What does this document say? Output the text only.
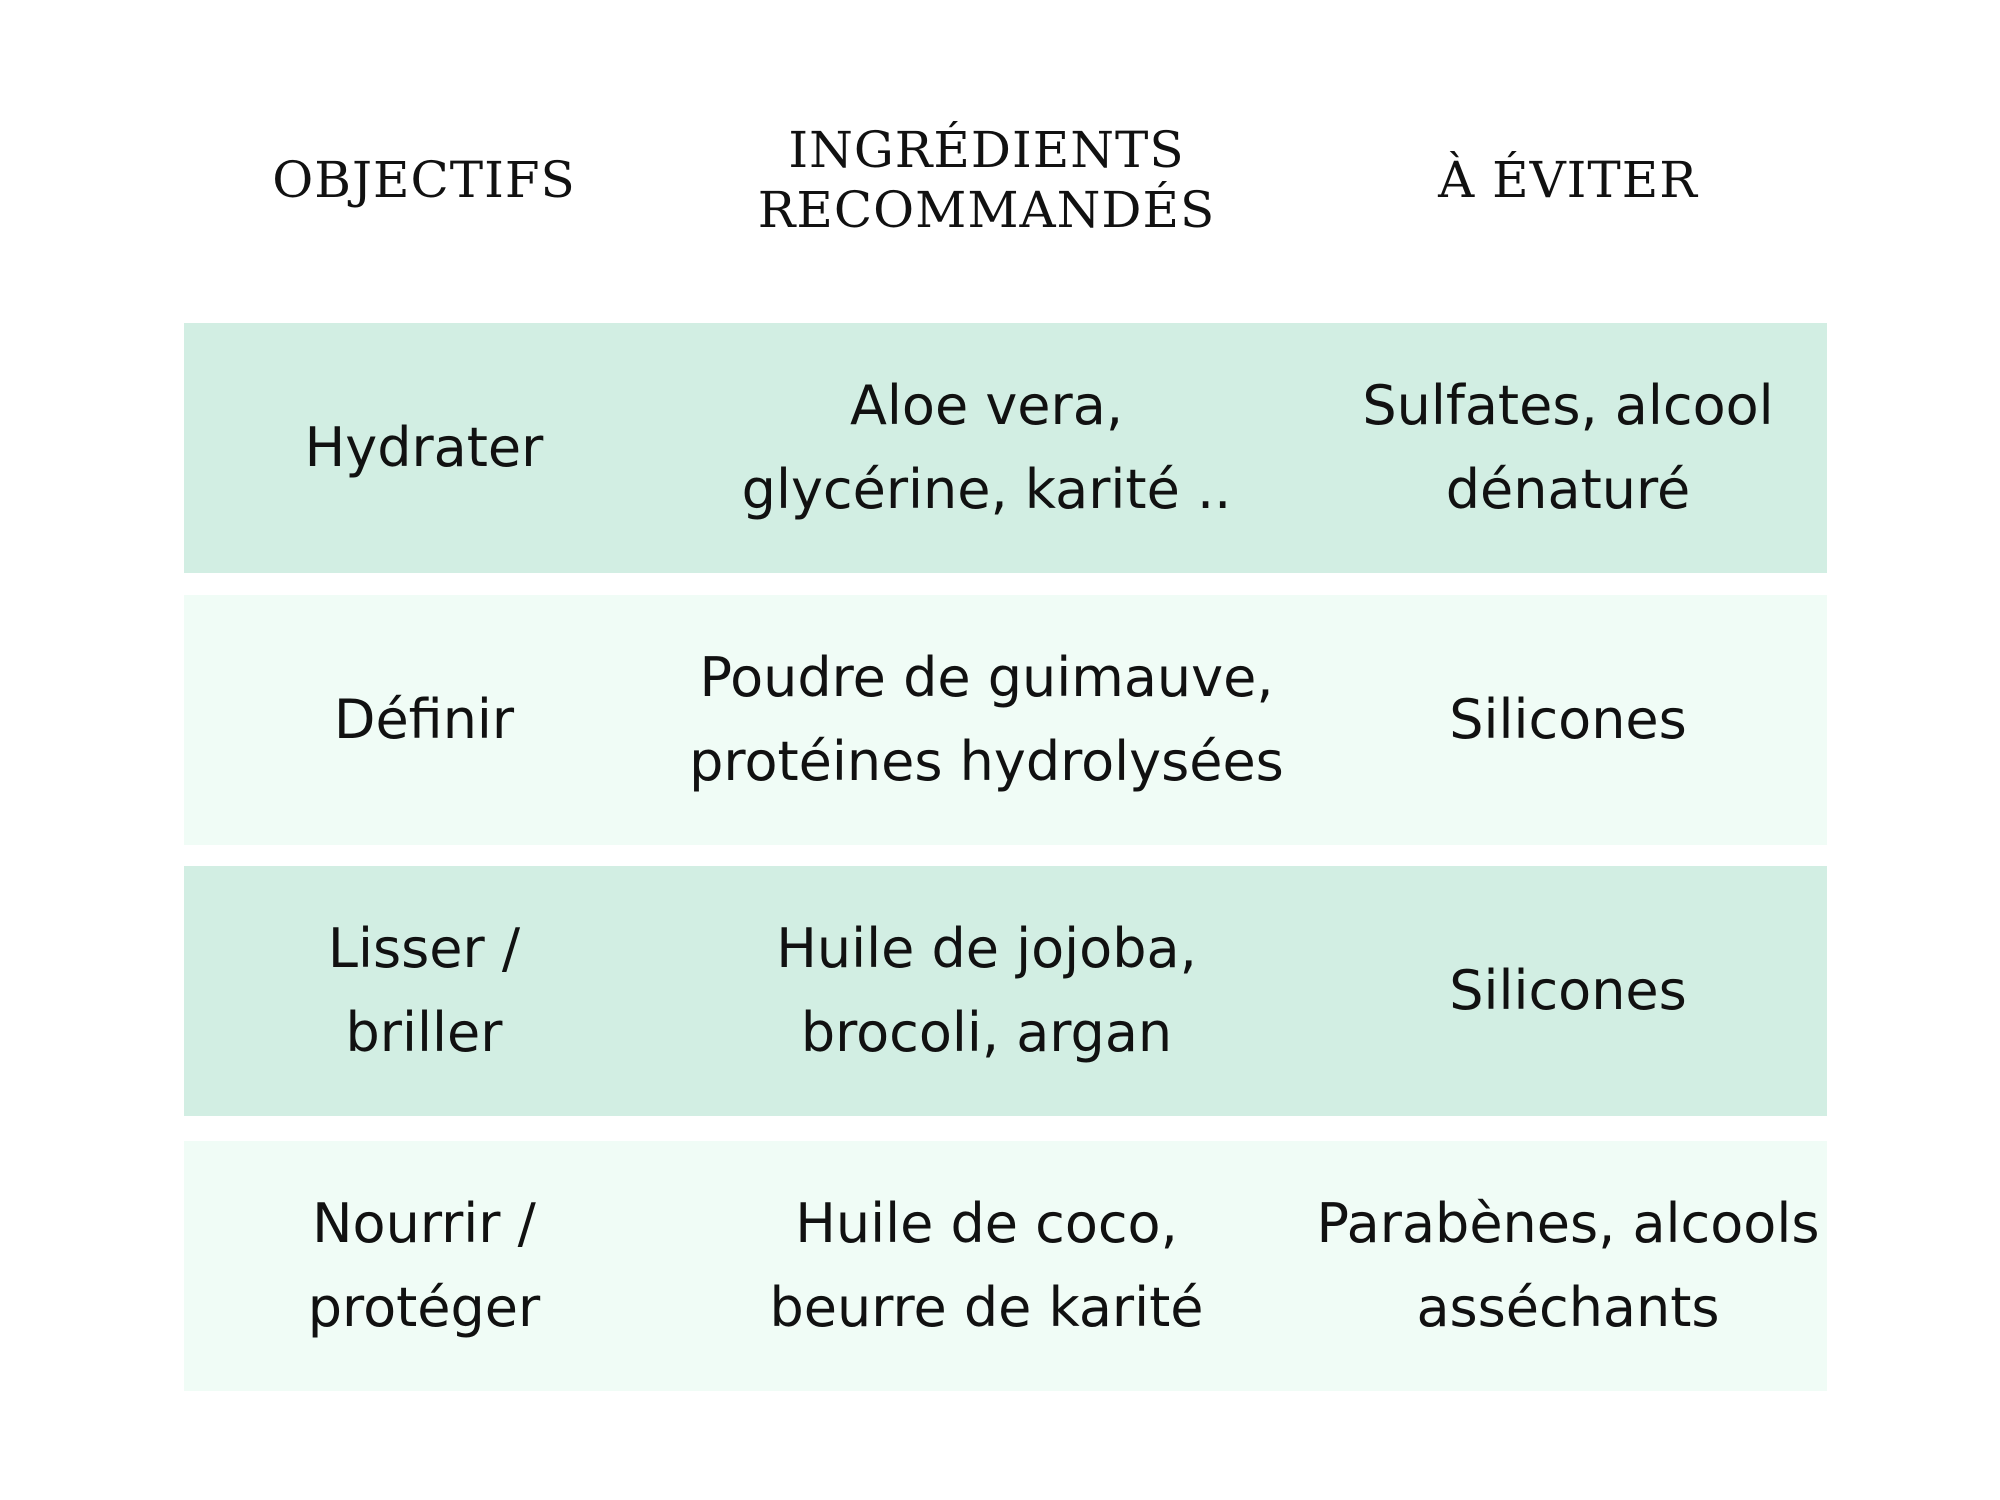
OBJECTIFS
INGRÉDIENTS
RECOMMANDÉS
À ÉVITER
Hydrater
Aloe vera,
glycérine, karité ..
Sulfates, alcool
dénaturé
Définir
Poudre de guimauve,
protéines hydrolysées
Silicones
Lisser /
briller
Huile de jojoba,
brocoli, argan
Silicones
Nourrir /
protéger
Huile de coco,
beurre de karité
Parabènes, alcools
asséchants
